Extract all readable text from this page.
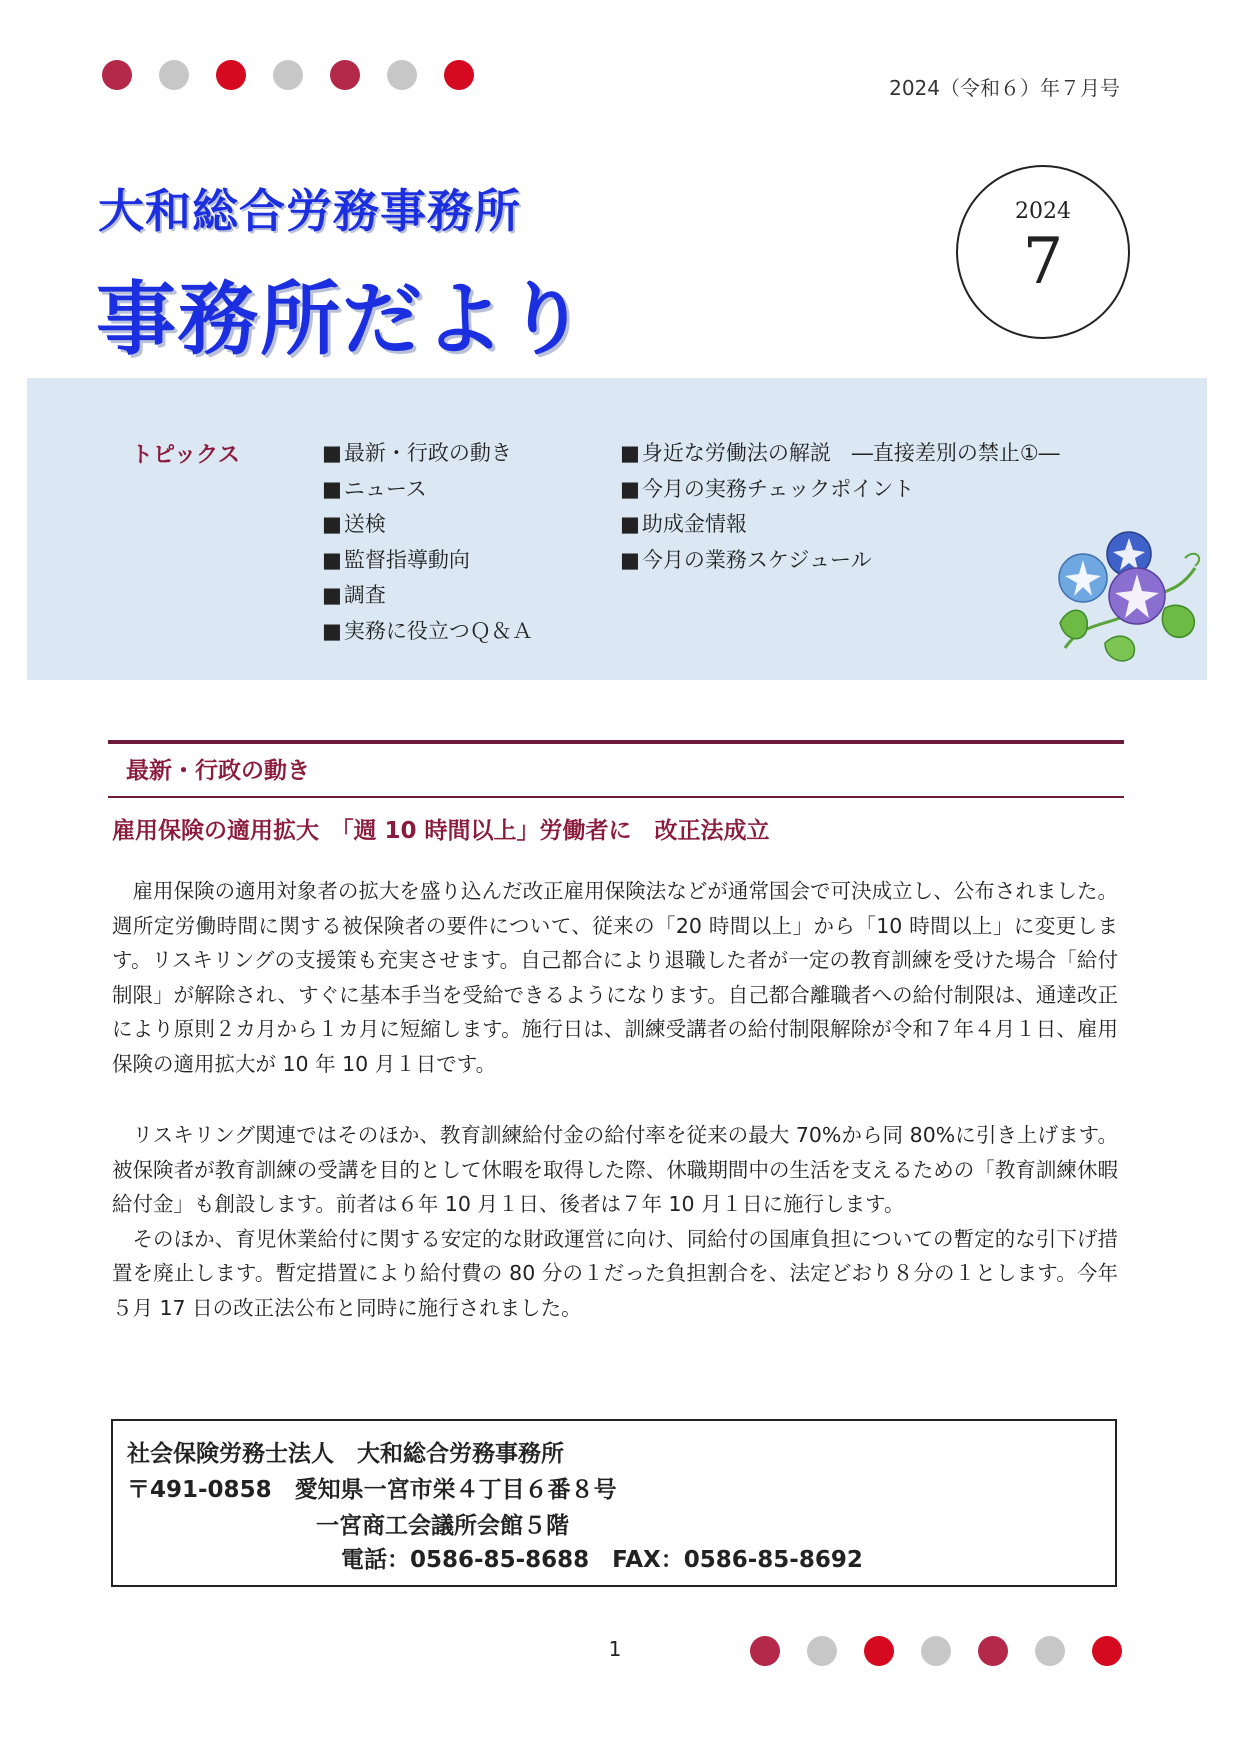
2024（令和６）年７月号
大和総合労務事務所
事務所だより
2024
7
トピックス
■	最新・行政の動き
■ ニュース
■ 送検
■ 監督指導動向
■ 調査
■ 実務に役立つＱ＆Ａ
■ 身近な労働法の解説　―直接差別の禁止①―
■ 今月の実務チェックポイント
■ 助成金情報
■ 今月の業務スケジュール
最新・行政の動き
雇用保険の適用拡大　「週 10 時間以上」労働者に　改正法成立

雇用保険の適用対象者の拡大を盛り込んだ改正雇用保険法などが通常国会で可決成立し、公布されました。週所定労働時間に関する被保険者の要件について、従来の「20 時間以上」から「10 時間以上」に変更します。リスキリングの支援策も充実させます。自己都合により退職した者が一定の教育訓練を受けた場合「給付制限」が解除され、すぐに基本手当を受給できるようになります。自己都合離職者への給付制限は、通達改正により原則２カ月から１カ月に短縮します。施行日は、訓練受講者の給付制限解除が令和７年４月１日、雇用保険の適用拡大が 10 年 10 月１日です。

リスキリング関連ではそのほか、教育訓練給付金の給付率を従来の最大 70%から同 80%に引き上げます。被保険者が教育訓練の受講を目的として休暇を取得した際、休職期間中の生活を支えるための「教育訓練休暇給付金」も創設します。前者は６年 10 月１日、後者は７年 10 月１日に施行します。

そのほか、育児休業給付に関する安定的な財政運営に向け、同給付の国庫負担についての暫定的な引下げ措置を廃止します。暫定措置により給付費の 80 分の１だった負担割合を、法定どおり８分の１とします。今年５月 17 日の改正法公布と同時に施行されました。

社会保険労務士法人　大和総合労務事務所
〒491-0858　愛知県一宮市栄４丁目６番８号
一宮商工会議所会館５階
電話：0586-85-8688　FAX：0586-85-8692
1
